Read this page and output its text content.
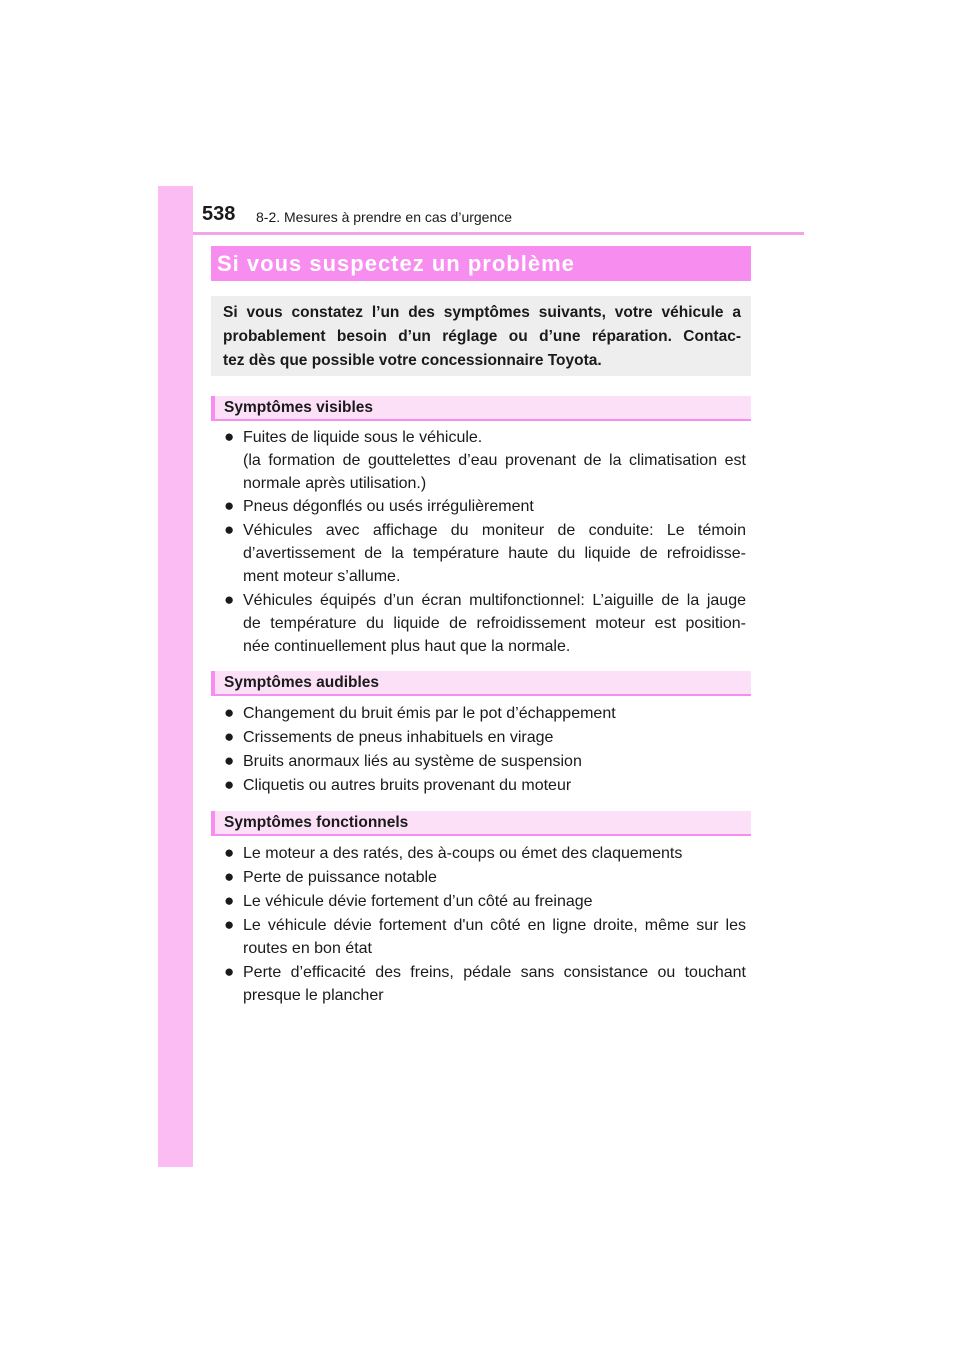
538 8-2. Mesures à prendre en cas d’urgence
Si vous suspectez un problème
Si vous constatez l’un des symptômes suivants, votre véhicule a
probablement besoin d’un réglage ou d’une réparation. Contac-
tez dès que possible votre concessionnaire Toyota.
Symptômes visibles
● Fuites de liquide sous le véhicule.
(la formation de gouttelettes d’eau provenant de la climatisation est
normale après utilisation.)
● Pneus dégonflés ou usés irrégulièrement
● Véhicules avec affichage du moniteur de conduite: Le témoin
d’avertissement de la température haute du liquide de refroidisse-
ment moteur s’allume.
● Véhicules équipés d’un écran multifonctionnel: L’aiguille de la jauge
de température du liquide de refroidissement moteur est position-
née continuellement plus haut que la normale.
Symptômes audibles
● Changement du bruit émis par le pot d’échappement
● Crissements de pneus inhabituels en virage
● Bruits anormaux liés au système de suspension
● Cliquetis ou autres bruits provenant du moteur
Symptômes fonctionnels
● Le moteur a des ratés, des à-coups ou émet des claquements
● Perte de puissance notable
● Le véhicule dévie fortement d’un côté au freinage
● Le véhicule dévie fortement d'un côté en ligne droite, même sur les
routes en bon état
● Perte d’efficacité des freins, pédale sans consistance ou touchant
presque le plancher
